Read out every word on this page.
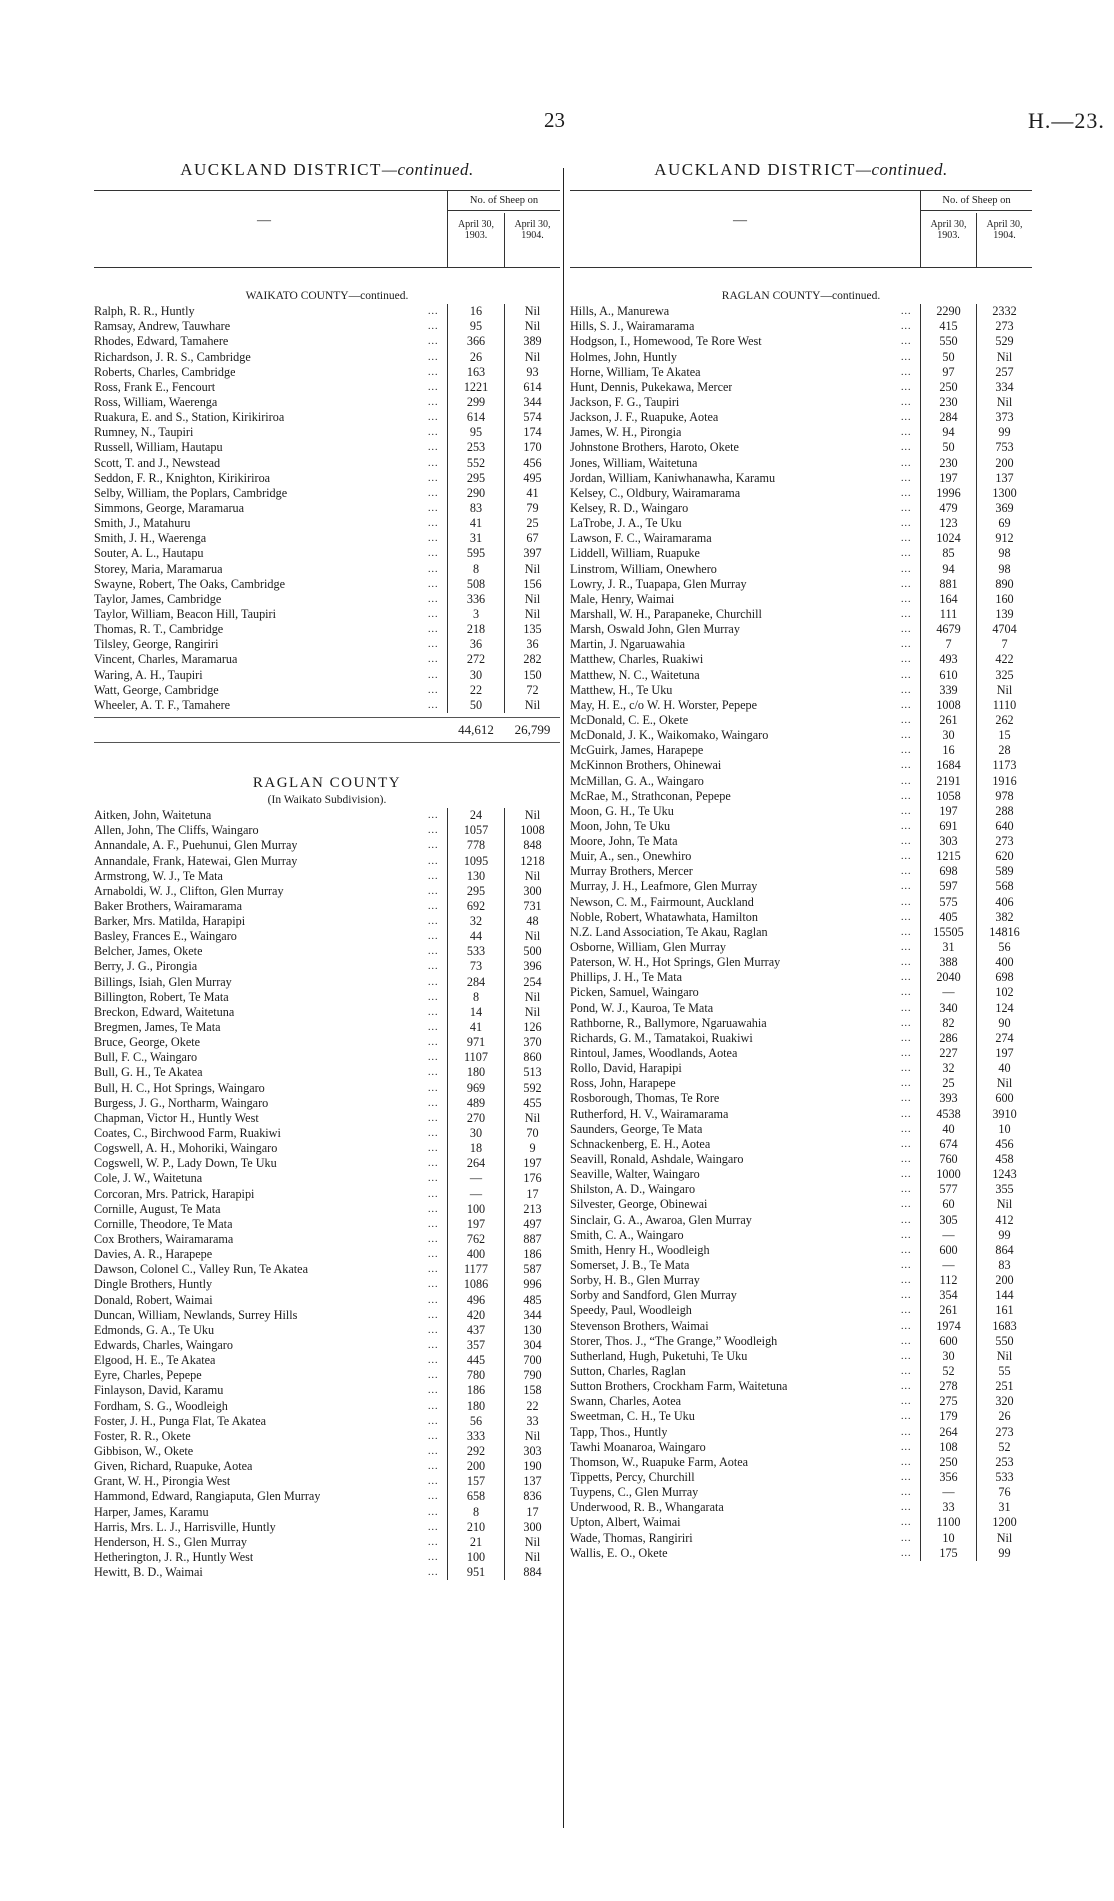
23	H.—23.
AUCKLAND DISTRICT—continued.
—
No. of Sheep on
April 30,
1903.
April 30,
1904.
WAIKATO COUNTY—continued.
Ralph, R. R., Huntly	...	16	Nil
Ramsay, Andrew, Tauwhare	...	95	Nil
Rhodes, Edward, Tamahere	...	366	389
Richardson, J. R. S., Cambridge	...	26	Nil
Roberts, Charles, Cambridge	...	163	93
Ross, Frank E., Fencourt	...	1221	614
Ross, William, Waerenga	...	299	344
Ruakura, E. and S., Station, Kirikiriroa	...	614	574
Rumney, N., Taupiri	...	95	174
Russell, William, Hautapu	...	253	170
Scott, T. and J., Newstead	...	552	456
Seddon, F. R., Knighton, Kirikiriroa	...	295	495
Selby, William, the Poplars, Cambridge	...	290	41
Simmons, George, Maramarua	...	83	79
Smith, J., Matahuru	...	41	25
Smith, J. H., Waerenga	...	31	67
Souter, A. L., Hautapu	...	595	397
Storey, Maria, Maramarua	...	8	Nil
Swayne, Robert, The Oaks, Cambridge	...	508	156
Taylor, James, Cambridge	...	336	Nil
Taylor, William, Beacon Hill, Taupiri	...	3	Nil
Thomas, R. T., Cambridge	...	218	135
Tilsley, George, Rangiriri	...	36	36
Vincent, Charles, Maramarua	...	272	282
Waring, A. H., Taupiri	...	30	150
Watt, George, Cambridge	...	22	72
Wheeler, A. T. F., Tamahere	...	50	Nil
44,612	26,799
RAGLAN COUNTY
(In Waikato Subdivision).
Aitken, John, Waitetuna	...	24	Nil
Allen, John, The Cliffs, Waingaro	...	1057	1008
Annandale, A. F., Puehunui, Glen Murray	...	778	848
Annandale, Frank, Hatewai, Glen Murray	...	1095	1218
Armstrong, W. J., Te Mata	...	130	Nil
Arnaboldi, W. J., Clifton, Glen Murray	...	295	300
Baker Brothers, Wairamarama	...	692	731
Barker, Mrs. Matilda, Harapipi	...	32	48
Basley, Frances E., Waingaro	...	44	Nil
Belcher, James, Okete	...	533	500
Berry, J. G., Pirongia	...	73	396
Billings, Isiah, Glen Murray	...	284	254
Billington, Robert, Te Mata	...	8	Nil
Breckon, Edward, Waitetuna	...	14	Nil
Bregmen, James, Te Mata	...	41	126
Bruce, George, Okete	...	971	370
Bull, F. C., Waingaro	...	1107	860
Bull, G. H., Te Akatea	...	180	513
Bull, H. C., Hot Springs, Waingaro	...	969	592
Burgess, J. G., Northarm, Waingaro	...	489	455
Chapman, Victor H., Huntly West	...	270	Nil
Coates, C., Birchwood Farm, Ruakiwi	...	30	70
Cogswell, A. H., Mohoriki, Waingaro	...	18	9
Cogswell, W. P., Lady Down, Te Uku	...	264	197
Cole, J. W., Waitetuna	...	—	176
Corcoran, Mrs. Patrick, Harapipi	...	—	17
Cornille, August, Te Mata	...	100	213
Cornille, Theodore, Te Mata	...	197	497
Cox Brothers, Wairamarama	...	762	887
Davies, A. R., Harapepe	...	400	186
Dawson, Colonel C., Valley Run, Te Akatea	...	1177	587
Dingle Brothers, Huntly	...	1086	996
Donald, Robert, Waimai	...	496	485
Duncan, William, Newlands, Surrey Hills	...	420	344
Edmonds, G. A., Te Uku	...	437	130
Edwards, Charles, Waingaro	...	357	304
Elgood, H. E., Te Akatea	...	445	700
Eyre, Charles, Pepepe	...	780	790
Finlayson, David, Karamu	...	186	158
Fordham, S. G., Woodleigh	...	180	22
Foster, J. H., Punga Flat, Te Akatea	...	56	33
Foster, R. R., Okete	...	333	Nil
Gibbison, W., Okete	...	292	303
Given, Richard, Ruapuke, Aotea	...	200	190
Grant, W. H., Pirongia West	...	157	137
Hammond, Edward, Rangiaputa, Glen Murray	...	658	836
Harper, James, Karamu	...	8	17
Harris, Mrs. L. J., Harrisville, Huntly	...	210	300
Henderson, H. S., Glen Murray	...	21	Nil
Hetherington, J. R., Huntly West	...	100	Nil
Hewitt, B. D., Waimai	...	951	884
AUCKLAND DISTRICT—continued.
—
No. of Sheep on
April 30,
1903.
April 30,
1904.
RAGLAN COUNTY—continued.
Hills, A., Manurewa	...	2290	2332
Hills, S. J., Wairamarama	...	415	273
Hodgson, I., Homewood, Te Rore West	...	550	529
Holmes, John, Huntly	...	50	Nil
Horne, William, Te Akatea	...	97	257
Hunt, Dennis, Pukekawa, Mercer	...	250	334
Jackson, F. G., Taupiri	...	230	Nil
Jackson, J. F., Ruapuke, Aotea	...	284	373
James, W. H., Pirongia	...	94	99
Johnstone Brothers, Haroto, Okete	...	50	753
Jones, William, Waitetuna	...	230	200
Jordan, William, Kaniwhanawha, Karamu	...	197	137
Kelsey, C., Oldbury, Wairamarama	...	1996	1300
Kelsey, R. D., Waingaro	...	479	369
LaTrobe, J. A., Te Uku	...	123	69
Lawson, F. C., Wairamarama	...	1024	912
Liddell, William, Ruapuke	...	85	98
Linstrom, William, Onewhero	...	94	98
Lowry, J. R., Tuapapa, Glen Murray	...	881	890
Male, Henry, Waimai	...	164	160
Marshall, W. H., Parapaneke, Churchill	...	111	139
Marsh, Oswald John, Glen Murray	...	4679	4704
Martin, J. Ngaruawahia	...	7	7
Matthew, Charles, Ruakiwi	...	493	422
Matthew, N. C., Waitetuna	...	610	325
Matthew, H., Te Uku	...	339	Nil
May, H. E., c/o W. H. Worster, Pepepe	...	1008	1110
McDonald, C. E., Okete	...	261	262
McDonald, J. K., Waikomako, Waingaro	...	30	15
McGuirk, James, Harapepe	...	16	28
McKinnon Brothers, Ohinewai	...	1684	1173
McMillan, G. A., Waingaro	...	2191	1916
McRae, M., Strathconan, Pepepe	...	1058	978
Moon, G. H., Te Uku	...	197	288
Moon, John, Te Uku	...	691	640
Moore, John, Te Mata	...	303	273
Muir, A., sen., Onewhiro	...	1215	620
Murray Brothers, Mercer	...	698	589
Murray, J. H., Leafmore, Glen Murray	...	597	568
Newson, C. M., Fairmount, Auckland	...	575	406
Noble, Robert, Whatawhata, Hamilton	...	405	382
N.Z. Land Association, Te Akau, Raglan	...	15505	14816
Osborne, William, Glen Murray	...	31	56
Paterson, W. H., Hot Springs, Glen Murray	...	388	400
Phillips, J. H., Te Mata	...	2040	698
Picken, Samuel, Waingaro	...	—	102
Pond, W. J., Kauroa, Te Mata	...	340	124
Rathborne, R., Ballymore, Ngaruawahia	...	82	90
Richards, G. M., Tamatakoi, Ruakiwi	...	286	274
Rintoul, James, Woodlands, Aotea	...	227	197
Rollo, David, Harapipi	...	32	40
Ross, John, Harapepe	...	25	Nil
Rosborough, Thomas, Te Rore	...	393	600
Rutherford, H. V., Wairamarama	...	4538	3910
Saunders, George, Te Mata	...	40	10
Schnackenberg, E. H., Aotea	...	674	456
Seavill, Ronald, Ashdale, Waingaro	...	760	458
Seaville, Walter, Waingaro	...	1000	1243
Shilston, A. D., Waingaro	...	577	355
Silvester, George, Obinewai	...	60	Nil
Sinclair, G. A., Awaroa, Glen Murray	...	305	412
Smith, C. A., Waingaro	...	—	99
Smith, Henry H., Woodleigh	...	600	864
Somerset, J. B., Te Mata	...	—	83
Sorby, H. B., Glen Murray	...	112	200
Sorby and Sandford, Glen Murray	...	354	144
Speedy, Paul, Woodleigh	...	261	161
Stevenson Brothers, Waimai	...	1974	1683
Storer, Thos. J., “The Grange,” Woodleigh	...	600	550
Sutherland, Hugh, Puketuhi, Te Uku	...	30	Nil
Sutton, Charles, Raglan	...	52	55
Sutton Brothers, Crockham Farm, Waitetuna	...	278	251
Swann, Charles, Aotea	...	275	320
Sweetman, C. H., Te Uku	...	179	26
Tapp, Thos., Huntly	...	264	273
Tawhi Moanaroa, Waingaro	...	108	52
Thomson, W., Ruapuke Farm, Aotea	...	250	253
Tippetts, Percy, Churchill	...	356	533
Tuypens, C., Glen Murray	...	—	76
Underwood, R. B., Whangarata	...	33	31
Upton, Albert, Waimai	...	1100	1200
Wade, Thomas, Rangiriri	...	10	Nil
Wallis, E. O., Okete	...	175	99
